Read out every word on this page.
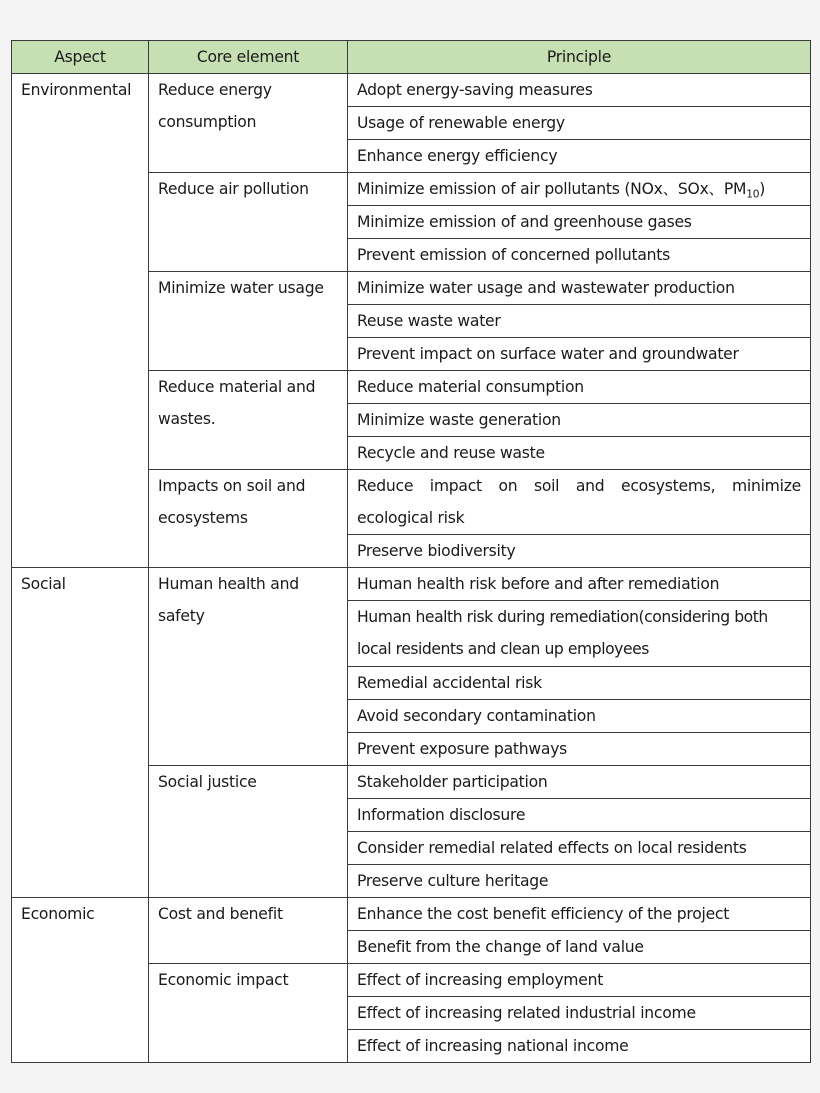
Aspect	Core element	Principle
Environmental	Reduce energy consumption	Adopt energy-saving measures
		Usage of renewable energy
		Enhance energy efficiency
	Reduce air pollution	Minimize emission of air pollutants (NOx、SOx、$PM_{10}$)
		Minimize emission of and greenhouse gases
		Prevent emission of concerned pollutants
	Minimize water usage	Minimize water usage and wastewater production
		Reuse waste water
		Prevent impact on surface water and groundwater
	Reduce material and wastes.	Reduce material consumption
		Minimize waste generation
		Recycle and reuse waste
	Impacts on soil and ecosystems	Reduce impact on soil and ecosystems, minimize ecological risk
		Preserve biodiversity
Social	Human health and safety	Human health risk before and after remediation
		Human health risk during remediation(considering both local residents and clean up employees
		Remedial accidental risk
		Avoid secondary contamination
		Prevent exposure pathways
	Social justice	Stakeholder participation
		Information disclosure
		Consider remedial related effects on local residents
		Preserve culture heritage
Economic	Cost and benefit	Enhance the cost benefit efficiency of the project
		Benefit from the change of land value
	Economic impact	Effect of increasing employment
		Effect of increasing related industrial income
		Effect of increasing national income
